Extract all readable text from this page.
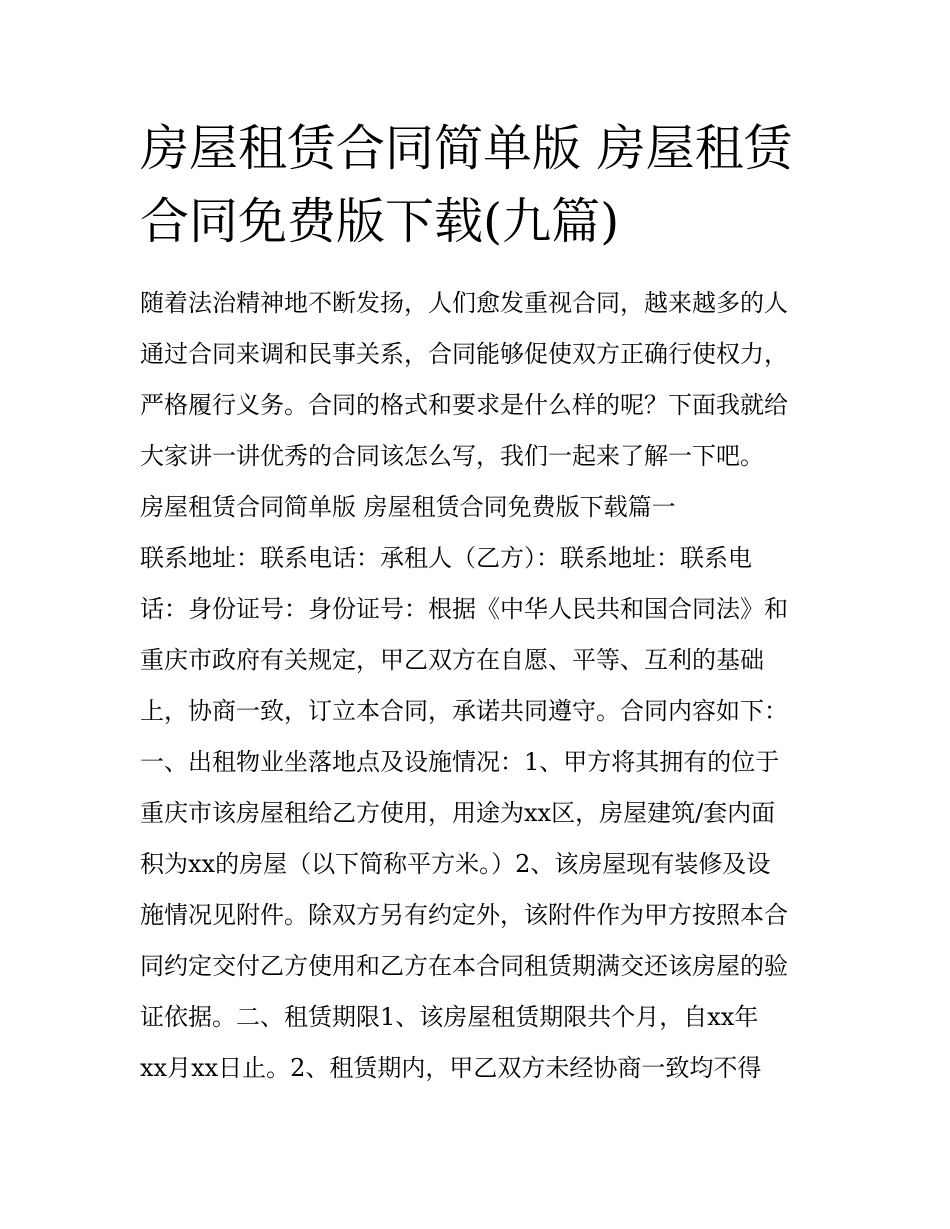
房屋租赁合同简单版 房屋租赁
合同免费版下载(九篇)
随着法治精神地不断发扬，人们愈发重视合同，越来越多的人
通过合同来调和民事关系，合同能够促使双方正确行使权力，
严格履行义务。合同的格式和要求是什么样的呢？下面我就给
大家讲一讲优秀的合同该怎么写，我们一起来了解一下吧。
房屋租赁合同简单版 房屋租赁合同免费版下载篇一
联系地址：联系电话：承租人（乙方）：联系地址：联系电
话：身份证号：身份证号：根据《中华人民共和国合同法》和
重庆市政府有关规定，甲乙双方在自愿、平等、互利的基础
上，协商一致，订立本合同，承诺共同遵守。合同内容如下：
一、出租物业坐落地点及设施情况：1、甲方将其拥有的位于
重庆市该房屋租给乙方使用，用途为xx区，房屋建筑/套内面
积为xx的房屋（以下简称平方米。）2、该房屋现有装修及设
施情况见附件。除双方另有约定外，该附件作为甲方按照本合
同约定交付乙方使用和乙方在本合同租赁期满交还该房屋的验
证依据。二、租赁期限1、该房屋租赁期限共个月，自xx年
xx月xx日止。2、租赁期内，甲乙双方未经协商一致均不得
